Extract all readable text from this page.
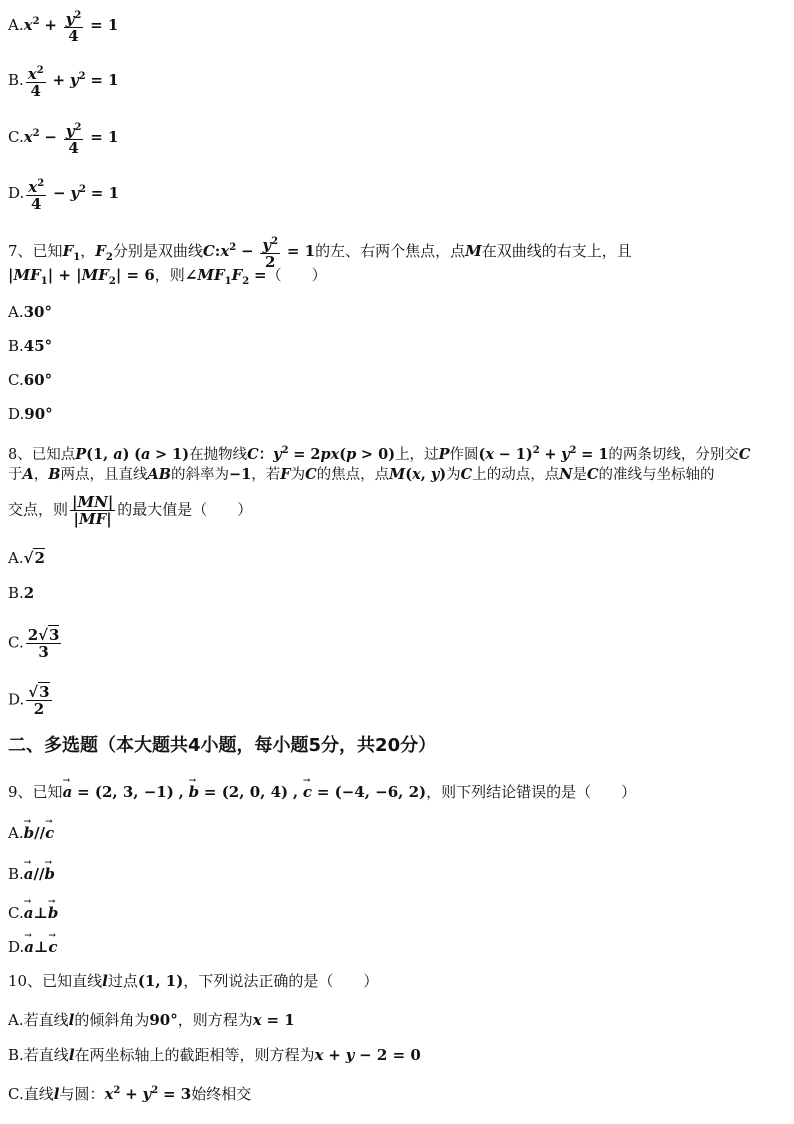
$A.x^2 + \frac{y^2}{4} = 1$
B. $\frac{x^2}{4} + y^2 = 1$
$C.x^2 - \frac{y^2}{4} = 1$
D. $\frac{x^2}{4} - y^2 = 1$
7、已知$F_1$，$F_2$分别是双曲线$C:x^2 - \frac{y^2}{2} = 1$的左、右两个焦点，点M在双曲线的右支上，且
$|MF_1| + |MF_2| = 6$，则$\angle MF_1F_2$ =（　　）
A.30°
B.45°
C.60°
D.90°
8、已知点P(1, a) (a > 1)在抛物线C：$y^2 = 2px(p > 0)$上，过P作圆$(x - 1)^2 + y^2 = 1$的两条切线，分别交C
于A，B两点，且直线AB的斜率为−1，若F为C的焦点，点M(x, y)为C上的动点，点N是C的准线与坐标轴的
交点，则 $\frac{|MN|}{|MF|}$ 的最大值是（　　）
A.√2
B.2
C. $\frac{2√3}{3}$
D. $\frac{√3}{2}$
二、多选题（本大题共4小题，每小题5分，共20分）
9、已知→ a = (2, 3, −1) , → b = (2, 0, 4) , → c = (−4, −6, 2)，则下列结论错误的是（　　）
A.→ b//→ c
B.→ a//→ b
C.→ a⊥→ b
D.→ a⊥→ c
10、已知直线l过点(1, 1)，下列说法正确的是（　　）
A.若直线l的倾斜角为90°，则方程为x = 1
B.若直线l在两坐标轴上的截距相等，则方程为x + y − 2 = 0
C.直线l与圆：$x^2 + y^2 = 3$始终相交
